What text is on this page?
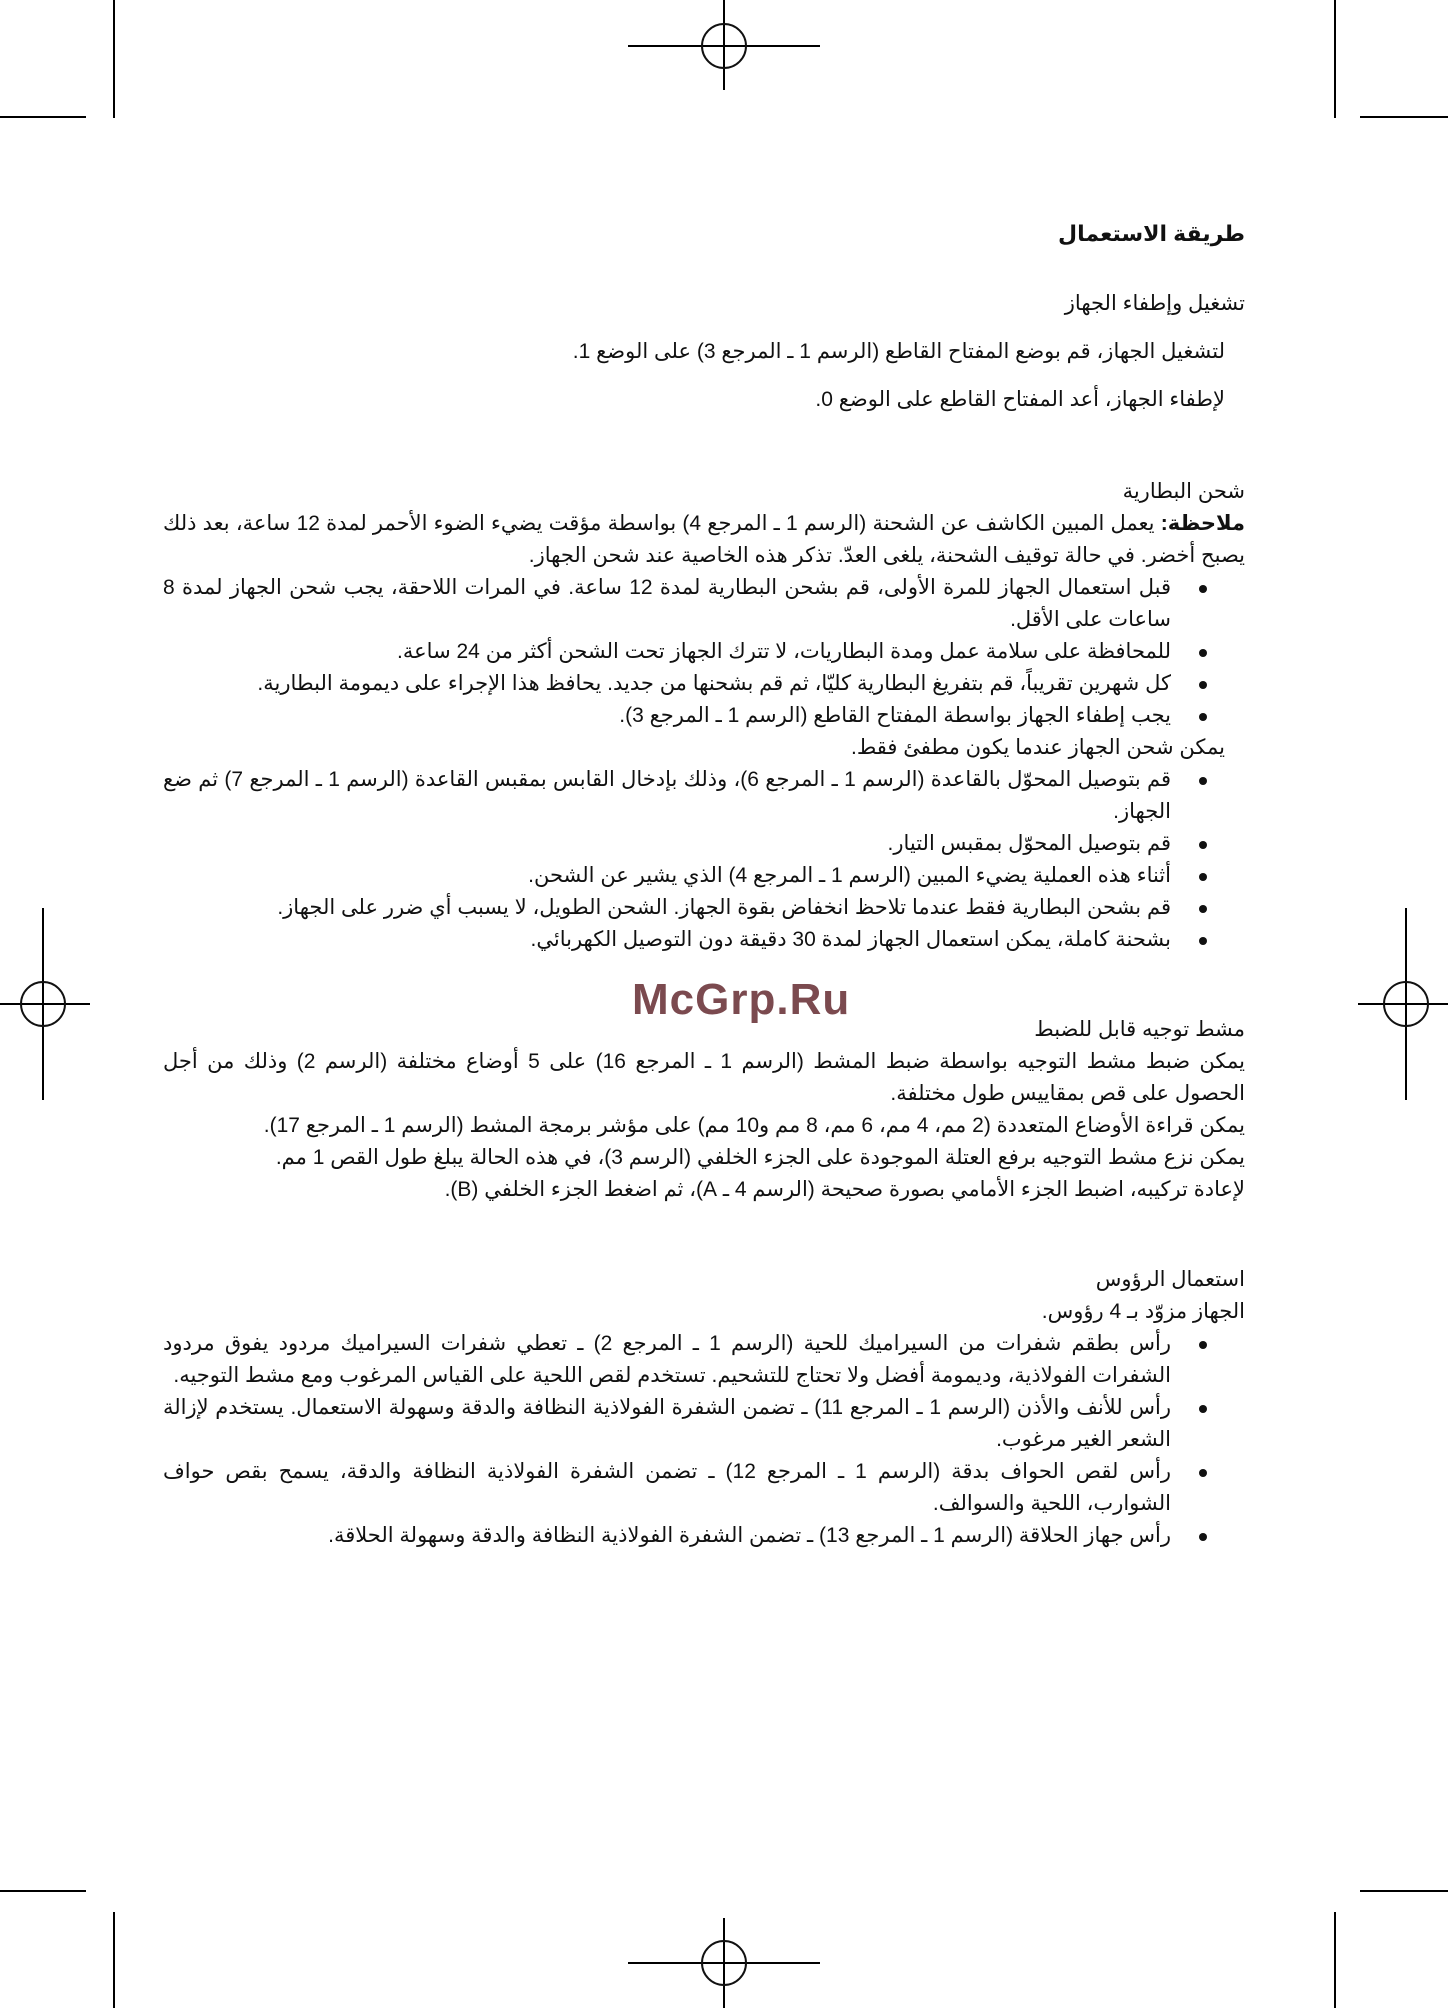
طريقة الاستعمال
تشغيل وإطفاء الجهاز

لتشغيل الجهاز، قم بوضع المفتاح القاطع (الرسم 1 ـ المرجع 3) على الوضع 1.

لإطفاء الجهاز، أعد المفتاح القاطع على الوضع 0.

شحن البطارية

ملاحظة: يعمل المبين الكاشف عن الشحنة (الرسم 1 ـ المرجع 4) بواسطة مؤقت يضيء الضوء الأحمر لمدة 12 ساعة، بعد ذلك يصبح أخضر. في حالة توقيف الشحنة، يلغى العدّ. تذكر هذه الخاصية عند شحن الجهاز.

قبل استعمال الجهاز للمرة الأولى، قم بشحن البطارية لمدة 12 ساعة. في المرات اللاحقة، يجب شحن الجهاز لمدة 8 ساعات على الأقل.
للمحافظة على سلامة عمل ومدة البطاريات، لا تترك الجهاز تحت الشحن أكثر من 24 ساعة.
كل شهرين تقريباً، قم بتفريغ البطارية كليّا، ثم قم بشحنها من جديد. يحافظ هذا الإجراء على ديمومة البطارية.
يجب إطفاء الجهاز بواسطة المفتاح القاطع (الرسم 1 ـ المرجع 3).

يمكن شحن الجهاز عندما يكون مطفئ فقط.

قم بتوصيل المحوّل بالقاعدة (الرسم 1 ـ المرجع 6)، وذلك بإدخال القابس بمقبس القاعدة (الرسم 1 ـ المرجع 7) ثم ضع الجهاز.
قم بتوصيل المحوّل بمقبس التيار.
أثناء هذه العملية يضيء المبين (الرسم 1 ـ المرجع 4) الذي يشير عن الشحن.
قم بشحن البطارية فقط عندما تلاحظ انخفاض بقوة الجهاز. الشحن الطويل، لا يسبب أي ضرر على الجهاز.
بشحنة كاملة، يمكن استعمال الجهاز لمدة 30 دقيقة دون التوصيل الكهربائي.
مشط توجيه قابل للضبط

يمكن ضبط مشط التوجيه بواسطة ضبط المشط (الرسم 1 ـ المرجع 16) على 5 أوضاع مختلفة (الرسم 2) وذلك من أجل الحصول على قص بمقاييس طول مختلفة.

يمكن قراءة الأوضاع المتعددة (2 مم، 4 مم، 6 مم، 8 مم و10 مم) على مؤشر برمجة المشط (الرسم 1 ـ المرجع 17).

يمكن نزع مشط التوجيه برفع العتلة الموجودة على الجزء الخلفي (الرسم 3)، في هذه الحالة يبلغ طول القص 1 مم.

لإعادة تركيبه، اضبط الجزء الأمامي بصورة صحيحة (الرسم 4 ـ A)، ثم اضغط الجزء الخلفي (B).

استعمال الرؤوس

الجهاز مزوّد بـ 4 رؤوس.

رأس بطقم شفرات من السيراميك للحية (الرسم 1 ـ المرجع 2) ـ تعطي شفرات السيراميك مردود يفوق مردود الشفرات الفولاذية، وديمومة أفضل ولا تحتاج للتشحيم. تستخدم لقص اللحية على القياس المرغوب ومع مشط التوجيه.
رأس للأنف والأذن (الرسم 1 ـ المرجع 11) ـ تضمن الشفرة الفولاذية النظافة والدقة وسهولة الاستعمال. يستخدم لإزالة الشعر الغير مرغوب.
رأس لقص الحواف بدقة (الرسم 1 ـ المرجع 12) ـ تضمن الشفرة الفولاذية النظافة والدقة، يسمح بقص حواف الشوارب، اللحية والسوالف.
رأس جهاز الحلاقة (الرسم 1 ـ المرجع 13) ـ تضمن الشفرة الفولاذية النظافة والدقة وسهولة الحلاقة.
McGrp.Ru
